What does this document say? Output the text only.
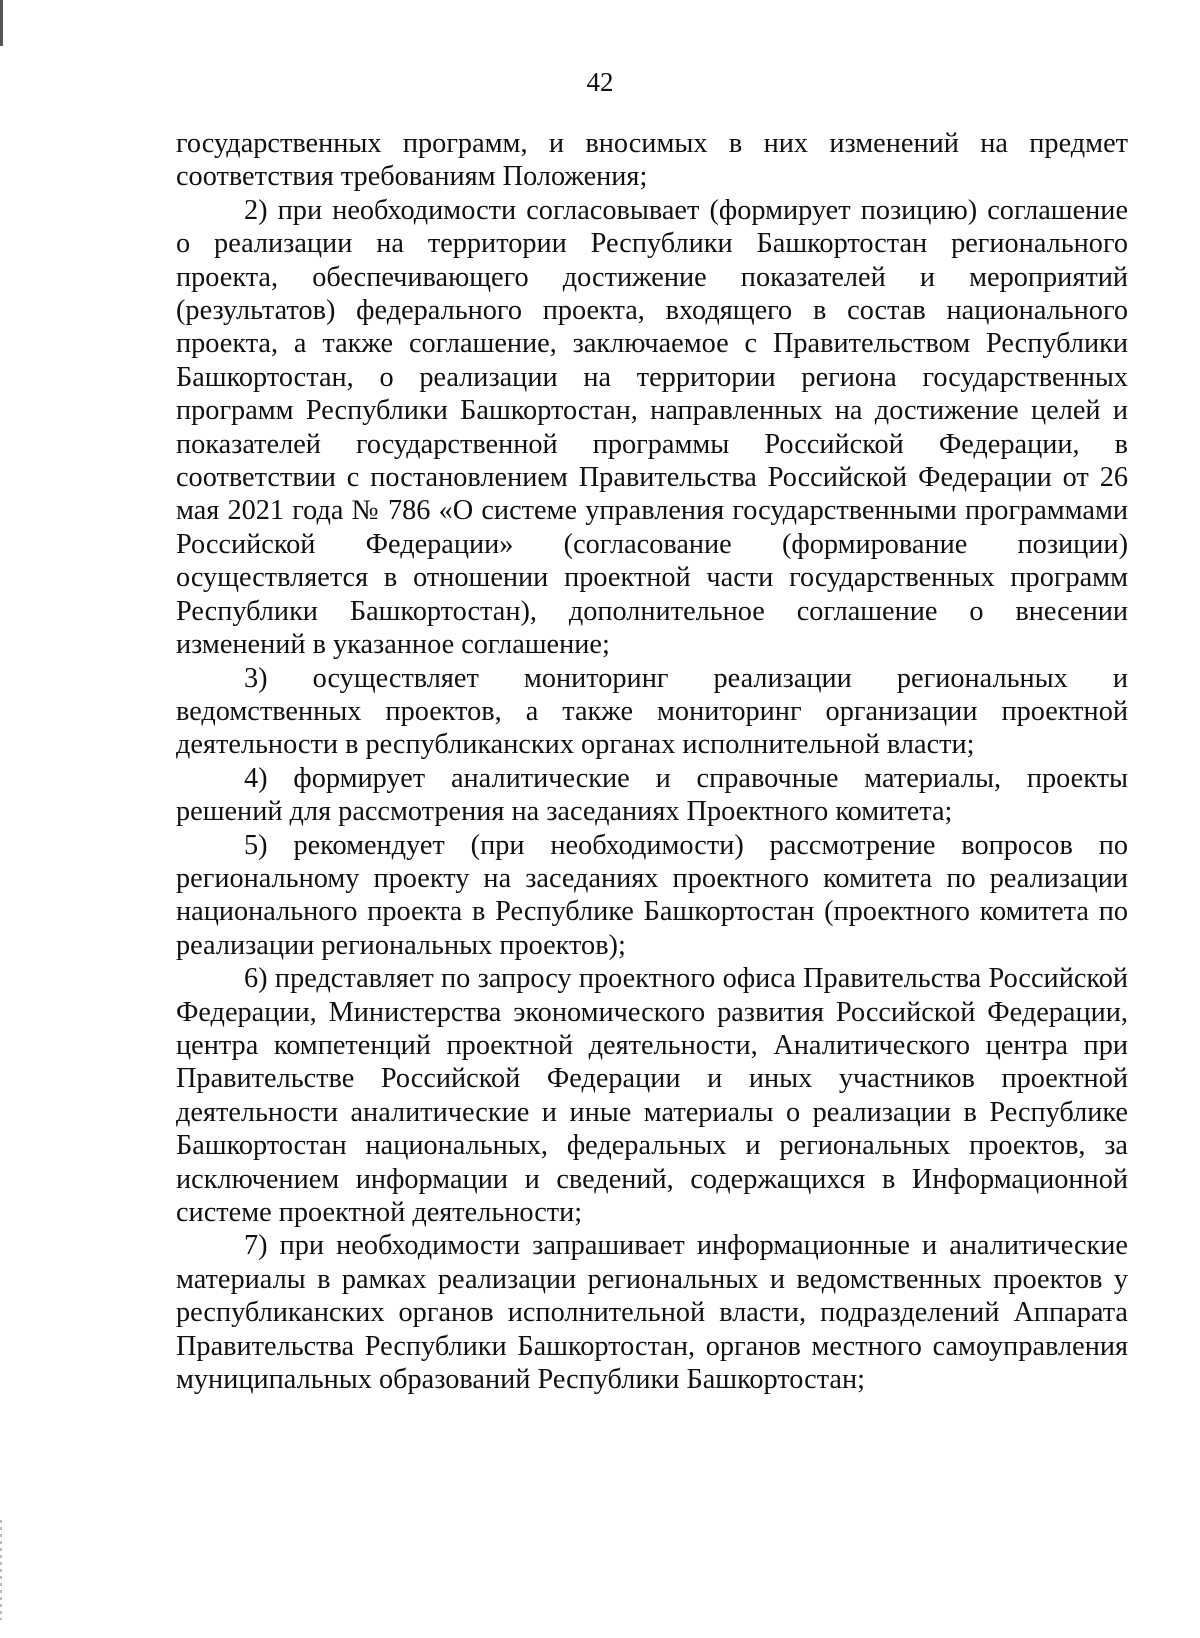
42

государственных программ, и вносимых в них изменений на предмет соответствия требованиям Положения;

2) при необходимости согласовывает (формирует позицию) соглашение о реализации на территории Республики Башкортостан регионального проекта, обеспечивающего достижение показателей и мероприятий (результатов) федерального проекта, входящего в состав национального проекта, а также соглашение, заключаемое с Правительством Республики Башкортостан, о реализации на территории региона государственных программ Республики Башкортостан, направленных на достижение целей и показателей государственной программы Российской Федерации, в соответствии с постановлением Правительства Российской Федерации от 26 мая 2021 года № 786 «О системе управления государственными программами Российской Федерации» (согласование (формирование позиции) осуществляется в отношении проектной части государственных программ Республики Башкортостан), дополнительное соглашение о внесении изменений в указанное соглашение;

3) осуществляет мониторинг реализации региональных и ведомственных проектов, а также мониторинг организации проектной деятельности в республиканских органах исполнительной власти;

4) формирует аналитические и справочные материалы, проекты решений для рассмотрения на заседаниях Проектного комитета;

5) рекомендует (при необходимости) рассмотрение вопросов по региональному проекту на заседаниях проектного комитета по реализации национального проекта в Республике Башкортостан (проектного комитета по реализации региональных проектов);

6) представляет по запросу проектного офиса Правительства Российской Федерации, Министерства экономического развития Российской Федерации, центра компетенций проектной деятельности, Аналитического центра при Правительстве Российской Федерации и иных участников проектной деятельности аналитические и иные материалы о реализации в Республике Башкортостан национальных, федеральных и региональных проектов, за исключением информации и сведений, содержащихся в Информационной системе проектной деятельности;

7) при необходимости запрашивает информационные и аналитические материалы в рамках реализации региональных и ведомственных проектов у республиканских органов исполнительной власти, подразделений Аппарата Правительства Республики Башкортостан, органов местного самоуправления муниципальных образований Республики Башкортостан;
